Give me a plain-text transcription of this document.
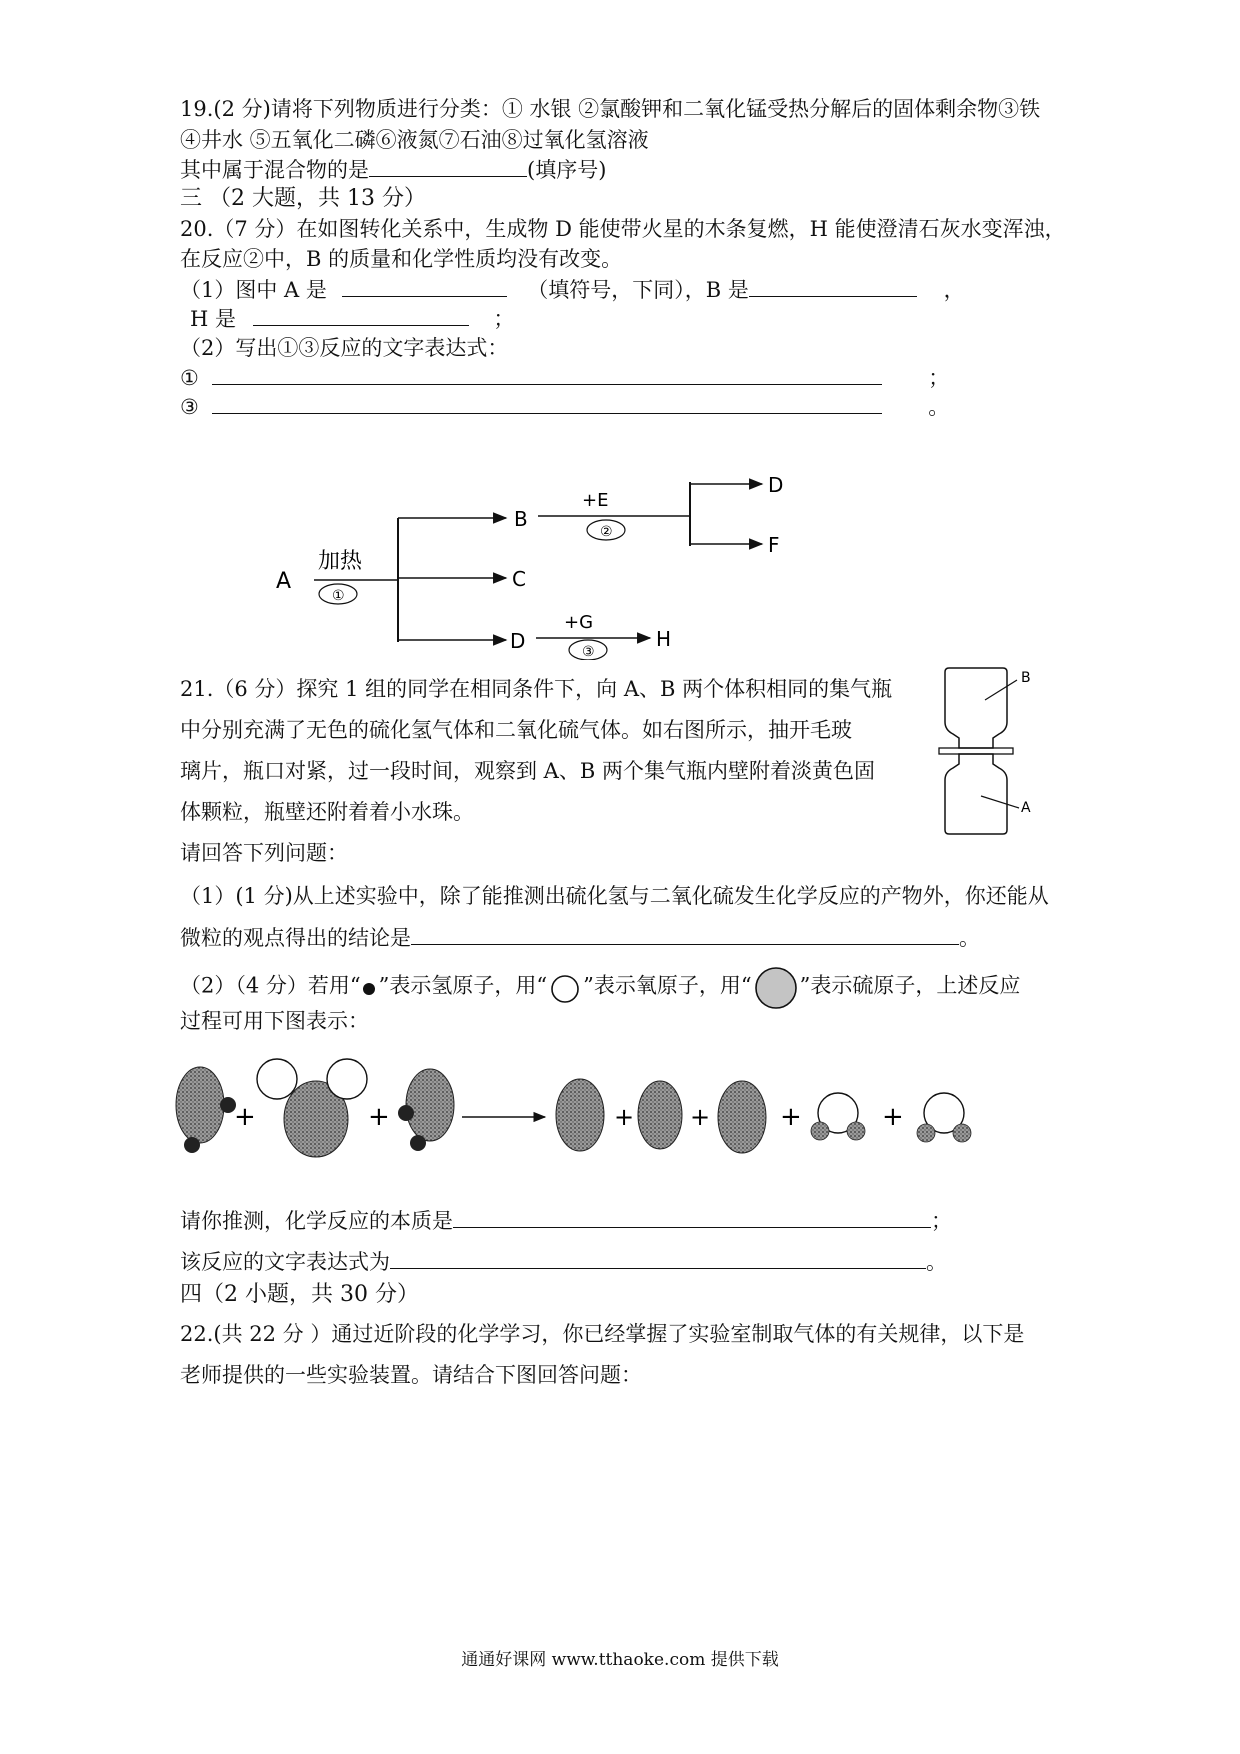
19.(2 分)请将下列物质进行分类：① 水银 ②氯酸钾和二氧化锰受热分解后的固体剩余物③铁
④井水 ⑤五氧化二磷⑥液氮⑦石油⑧过氧化氢溶液
其中属于混合物的是	(填序号)
三 （2 大题，共 13 分）
20.（7 分）在如图转化关系中，生成物 D 能使带火星的木条复燃，H 能使澄清石灰水变浑浊，
在反应②中，B 的质量和化学性质均没有改变。
（1）图中 A 是	（填符号，下同），B 是	，
H 是	；
（2）写出①③反应的文字表达式：
①	；
③	。
A
加热
①
B
C
D
+E
②
D
F
H
+G
③
21.（6 分）探究 1 组的同学在相同条件下，向 A、B 两个体积相同的集气瓶
中分别充满了无色的硫化氢气体和二氧化硫气体。如右图所示，抽开毛玻
璃片，瓶口对紧，过一段时间，观察到 A、B 两个集气瓶内壁附着淡黄色固
体颗粒，瓶壁还附着着小水珠。
B
A
请回答下列问题：
（1）(1 分)从上述实验中，除了能推测出硫化氢与二氧化硫发生化学反应的产物外，你还能从
微粒的观点得出的结论是	。
（2）（4 分）若用“ ”表示氢原子，用“ ”表示氧原子，用“ ”表示硫原子，上述反应
过程可用下图表示：
+	+	+ +	+	+
请你推测，化学反应的本质是	；
该反应的文字表达式为	。
四（2 小题，共 30 分）
22.(共 22 分 ）通过近阶段的化学学习，你已经掌握了实验室制取气体的有关规律，以下是
老师提供的一些实验装置。请结合下图回答问题：
通通好课网 www.tthaoke.com 提供下载
